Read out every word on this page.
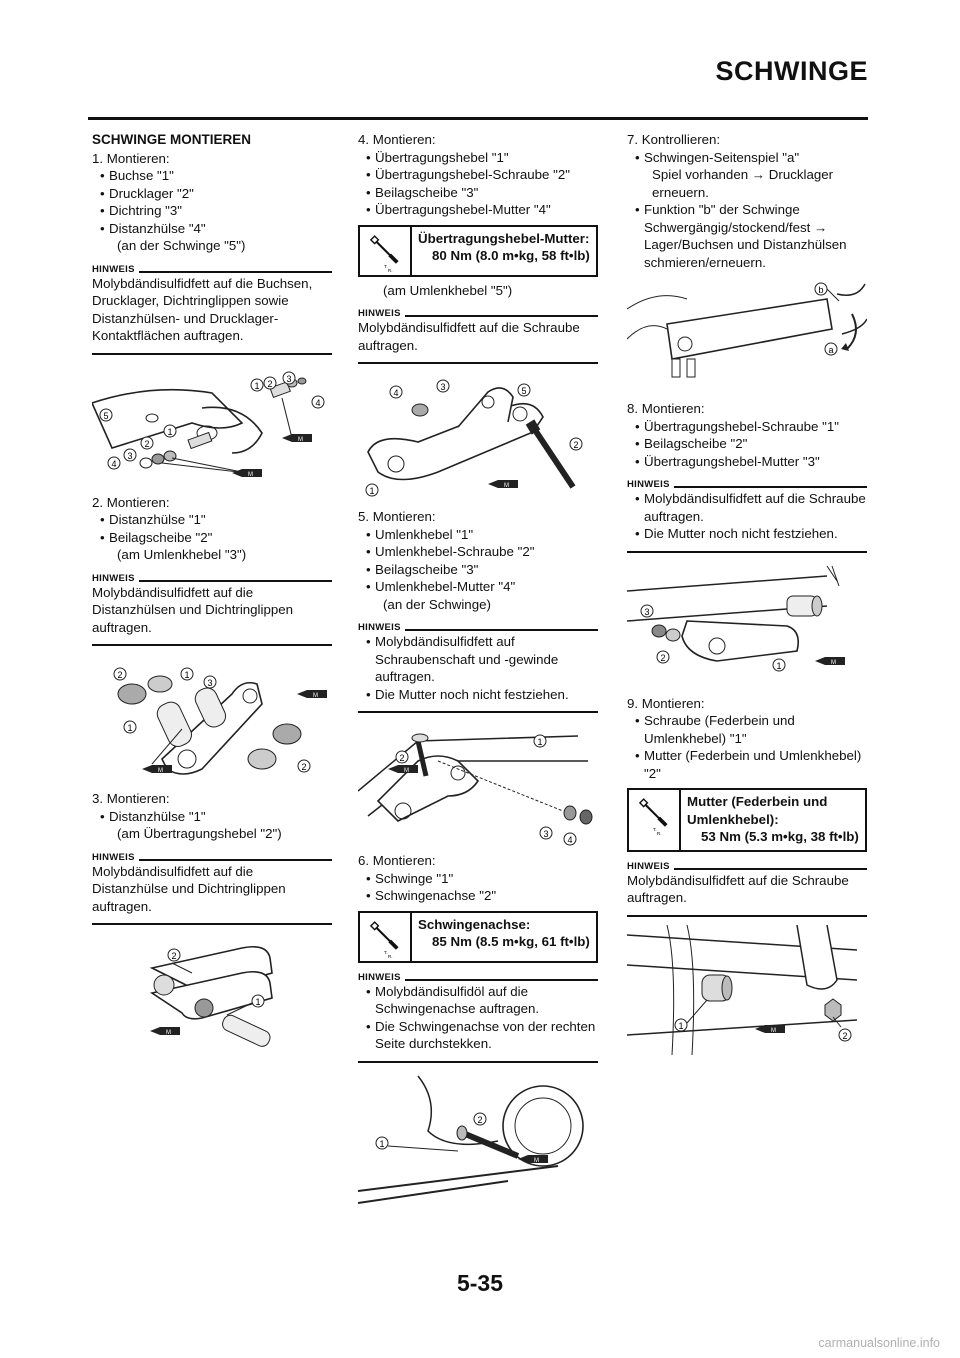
SCHWINGE
SCHWINGE MONTIEREN
1. Montieren:
• Buchse "1"
• Drucklager "2"
• Dichtring "3"
• Distanzhülse "4"
(an der Schwinge "5")
HINWEIS
Molybdändisulfidfett auf die Buchsen, Drucklager, Dichtringlippen sowie Distanzhülsen- und Drucklager-Kontaktflächen auftragen.
1 2 3
4
5
3
2
1
4
M
M
2. Montieren:
• Distanzhülse "1"
• Beilagscheibe "2"
(am Umlenkhebel "3")
HINWEIS
Molybdändisulfidfett auf die Distanzhülsen und Dichtringlippen auftragen.
2	1
3
1
2
M
M
3. Montieren:
• Distanzhülse "1"
(am Übertragungshebel "2")
HINWEIS
Molybdändisulfidfett auf die Distanzhülse und Dichtringlippen auftragen.
2
1
M
4. Montieren:
• Übertragungshebel "1"
• Übertragungshebel-Schraube "2"
• Beilagscheibe "3"
• Übertragungshebel-Mutter "4"
Übertragungshebel-Mutter:
80 Nm (8.0 m•kg, 58 ft•lb)
(am Umlenkhebel "5")
HINWEIS
Molybdändisulfidfett auf die Schraube auftragen.
4
3	5
2
1	M
5. Montieren:
• Umlenkhebel "1"
• Umlenkhebel-Schraube "2"
• Beilagscheibe "3"
• Umlenkhebel-Mutter "4"
(an der Schwinge)
HINWEIS
• Molybdändisulfidfett auf Schraubenschaft und -gewinde auftragen.
• Die Mutter noch nicht festziehen.
2
1
3
4
M
6. Montieren:
• Schwinge "1"
• Schwingenachse "2"
Schwingenachse:
85 Nm (8.5 m•kg, 61 ft•lb)
HINWEIS
• Molybdändisulfidöl auf die Schwingenachse auftragen.
• Die Schwingenachse von der rechten Seite durchstekken.
1
2
M
7. Kontrollieren:
• Schwingen-Seitenspiel "a"
Spiel vorhanden → Drucklager erneuern.
• Funktion "b" der Schwinge Schwergängig/stockend/fest → Lager/Buchsen und Distanzhülsen schmieren/erneuern.
b
a
8. Montieren:
• Übertragungshebel-Schraube "1"
• Beilagscheibe "2"
• Übertragungshebel-Mutter "3"
HINWEIS
• Molybdändisulfidfett auf die Schraube auftragen.
• Die Mutter noch nicht festziehen.
3
2
1	M
9. Montieren:
• Schraube (Federbein und Umlenkhebel) "1"
• Mutter (Federbein und Umlenkhebel) "2"
Mutter (Federbein und Umlenkhebel):
53 Nm (5.3 m•kg, 38 ft•lb)
HINWEIS
Molybdändisulfidfett auf die Schraube auftragen.
1
2
M
5-35
carmanualsonline.info
